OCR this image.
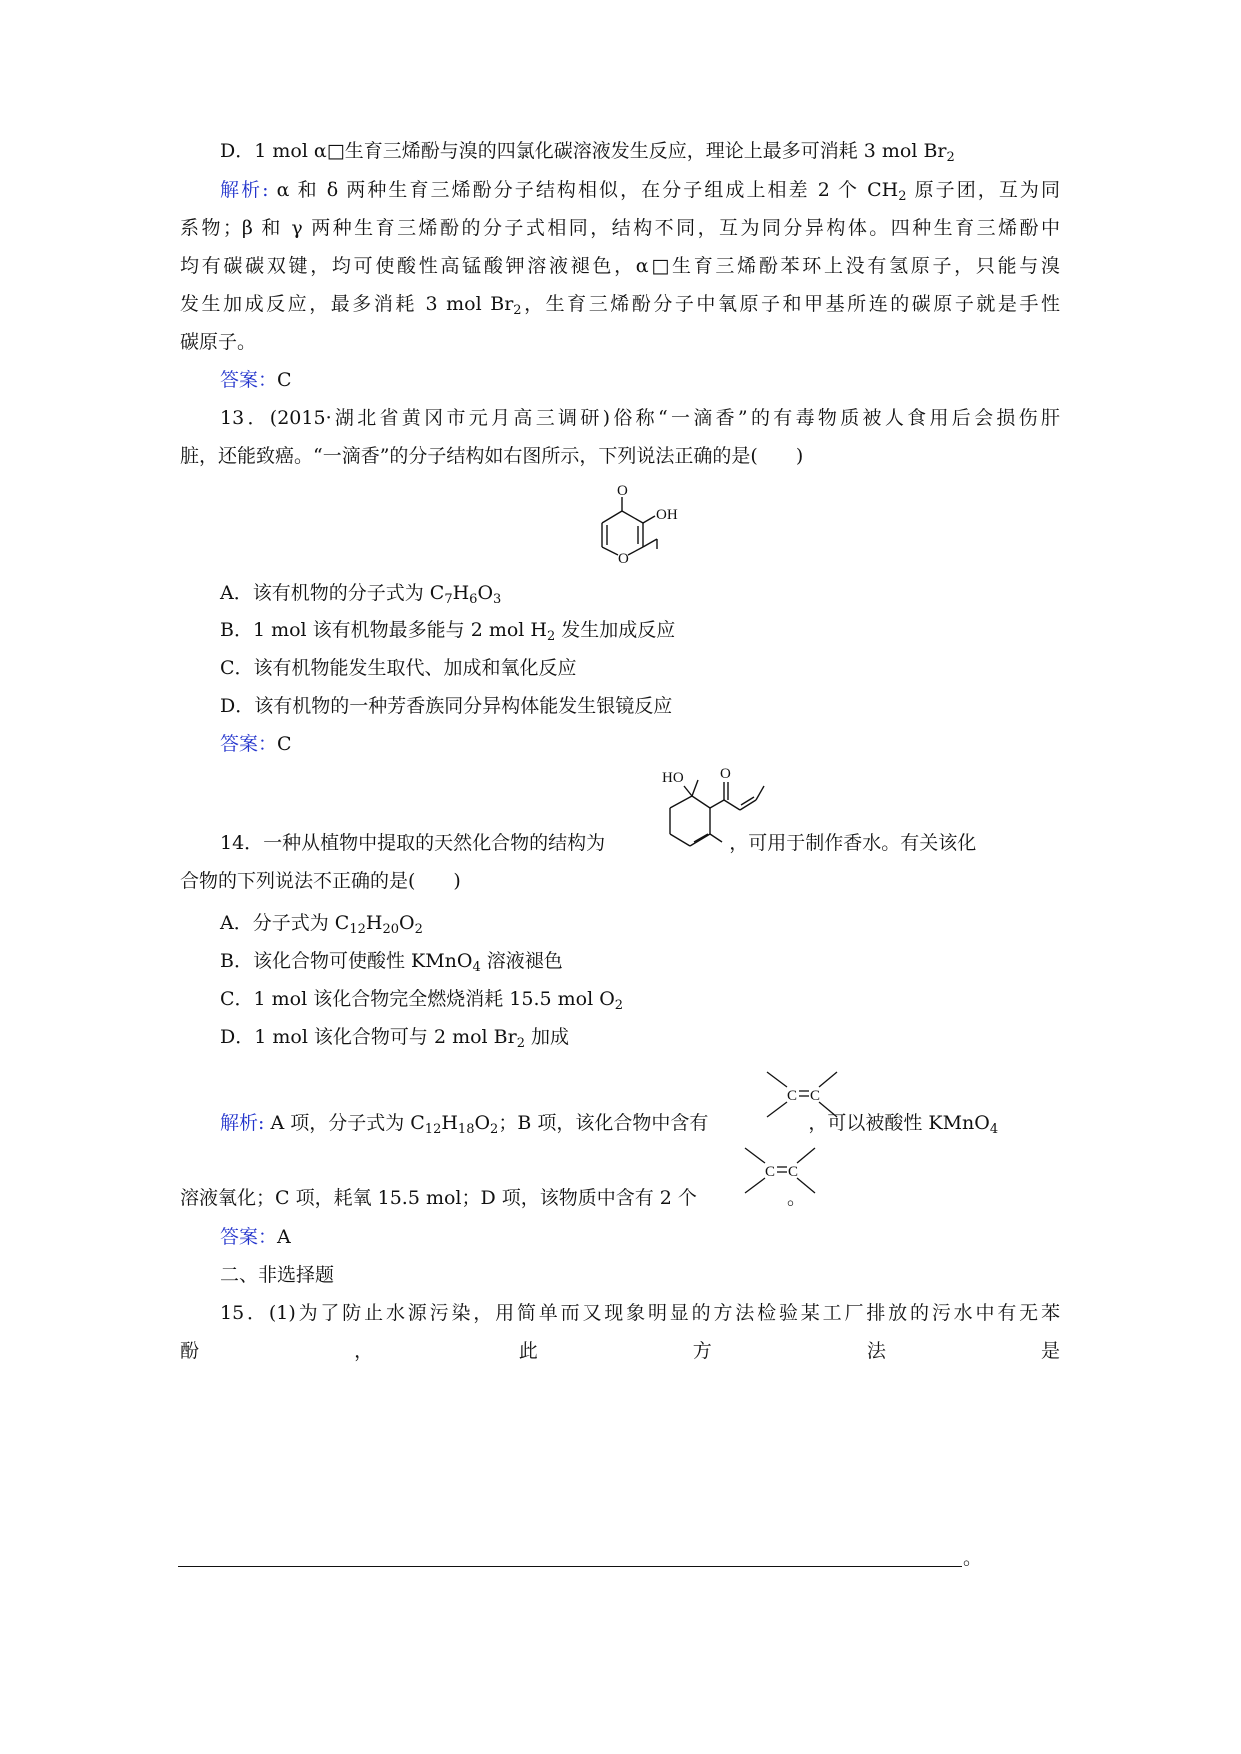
D．1 mol α□生育三烯酚与溴的四氯化碳溶液发生反应，理论上最多可消耗 3 mol $Br_2$
解析: α 和 δ 两种生育三烯酚分子结构相似，在分子组成上相差 2 个 $CH_2$ 原子团，互为同
系物；β 和 γ 两种生育三烯酚的分子式相同，结构不同，互为同分异构体。四种生育三烯酚中
均有碳碳双键，均可使酸性高锰酸钾溶液褪色，α□生育三烯酚苯环上没有氢原子，只能与溴
发生加成反应，最多消耗 3 mol $Br_2$，生育三烯酚分子中氧原子和甲基所连的碳原子就是手性
碳原子。
答案：C
13．(2015·湖北省黄冈市元月高三调研)俗称“一滴香”的有毒物质被人食用后会损伤肝
脏，还能致癌。“一滴香”的分子结构如右图所示，下列说法正确的是(　　)
O
OH
O
A．该有机物的分子式为 $C_7H_6O_3$
B．1 mol 该有机物最多能与 2 mol $H_2$ 发生加成反应
C．该有机物能发生取代、加成和氧化反应
D．该有机物的一种芳香族同分异构体能发生银镜反应
答案：C
HO O
14．一种从植物中提取的天然化合物的结构为	，可用于制作香水。有关该化
合物的下列说法不正确的是(　　)
A．分子式为 $C_{12}H_{20}O_2$
B．该化合物可使酸性 KMnO$_4$ 溶液褪色
C．1 mol 该化合物完全燃烧消耗 15.5 mol $O_2$
D．1 mol 该化合物可与 2 mol $Br_2$ 加成
解析: A 项，分子式为 $C_{12}H_{18}O_2$；B 项，该化合物中含有	，可以被酸性 KMnO$_4$
C C
溶液氧化；C 项，耗氧 15.5 mol；D 项，该物质中含有 2 个	。
C C
答案：A
二、非选择题
15．(1)为了防止水源污染，用简单而又现象明显的方法检验某工厂排放的污水中有无苯
酚　　　　　，　　　　　此　　　　　方　　　　　法　　　　　是
。
